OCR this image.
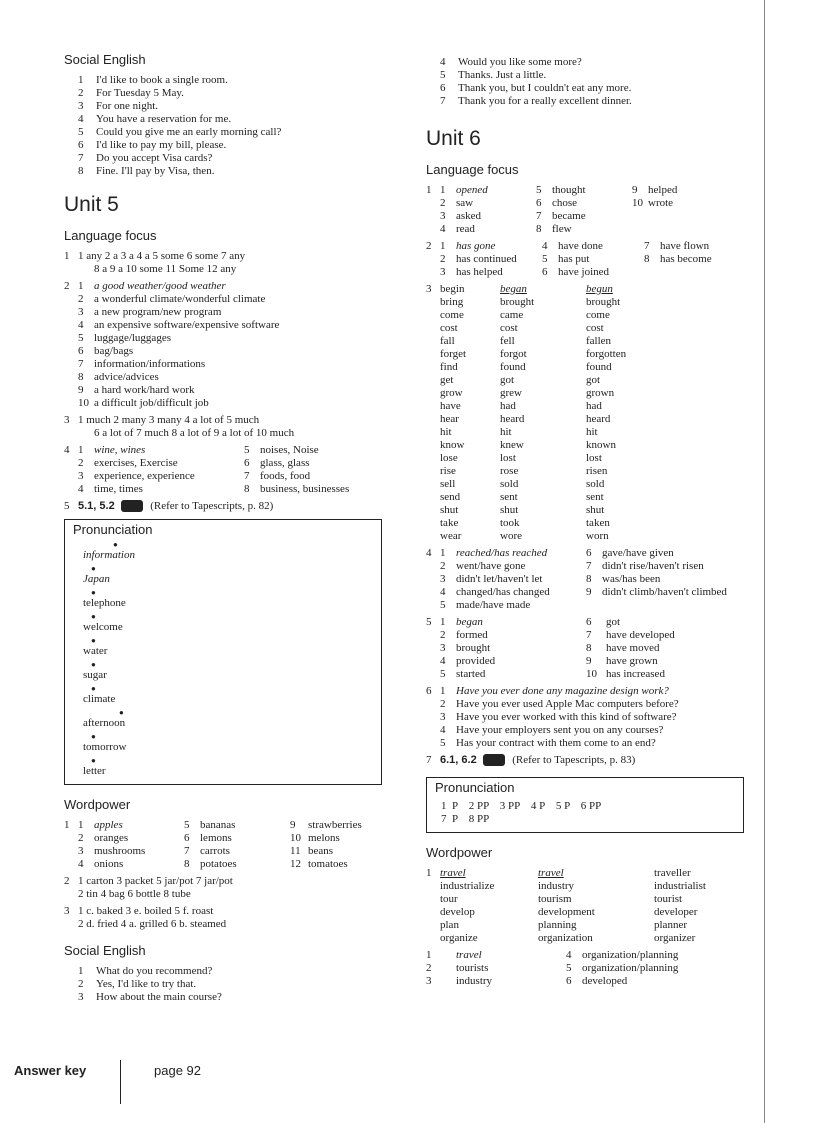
Social English
1	I'd like to book a single room.
2	For Tuesday 5 May.
3	For one night.
4	You have a reservation for me.
5	Could you give me an early morning call?
6	I'd like to pay my bill, please.
7	Do you accept Visa cards?
8	Fine. I'll pay by Visa, then.
Unit 5
Language focus
1 1 any 2 a 3 a 4 a 5 some 6 some 7 any
8 a 9 a 10 some 11 Some 12 any
2 1 a good weather/good weather
2 a wonderful climate/wonderful climate
3 a new program/new program
4 an expensive software/expensive software
5 luggage/luggages
6 bag/bags
7 information/informations
8 advice/advices
9 a hard work/hard work
10 a difficult job/difficult job
3 1 much 2 many 3 many 4 a lot of 5 much
6 a lot of 7 much 8 a lot of 9 a lot of 10 much
4 1 wine, wines	5 noises, Noise
2 exercises, Exercise	6 glass, glass
3 experience, experience	7 foods, food
4 time, times	8 business, businesses
5 5.1, 5.2	(Refer to Tapescripts, p. 82)
Pronunciation
●
information
●
Japan
●
telephone
●
welcome
●
water
●
sugar
●
climate
●
afternoon
●
tomorrow
●
letter
Wordpower
1 1 apples	5 bananas	9	strawberries
2 oranges	6 lemons	10 melons
3 mushrooms	7 carrots	11 beans
4 onions	8 potatoes	12 tomatoes
2 1 carton 3 packet 5 jar/pot 7 jar/pot
2 tin 4 bag 6 bottle 8 tube
3 1 c. baked 3 e. boiled 5 f. roast
2 d. fried 4 a. grilled 6 b. steamed
Social English
1	What do you recommend?
2	Yes, I'd like to try that.
3	How about the main course?
4	Would you like some more?
5	Thanks. Just a little.
6	Thank you, but I couldn't eat any more.
7	Thank you for a really excellent dinner.
Unit 6
Language focus
1 1 opened	5 thought	9 helped
2 saw	6 chose	10 wrote
3 asked	7 became
4 read	8 flew
2 1 has gone	4 have done	7 have flown
2 has continued	5 has put	8 has become
3 has helped	6 have joined
3 begin	began	begun
bring	brought	brought
come	came	come
cost	cost	cost
fall	fell	fallen
forget	forgot	forgotten
find	found	found
get	got	got
grow	grew	grown
have	had	had
hear	heard	heard
hit	hit	hit
know	knew	known
lose	lost	lost
rise	rose	risen
sell	sold	sold
send	sent	sent
shut	shut	shut
take	took	taken
wear	wore	worn
4 1 reached/has reached	6 gave/have given
2 went/have gone	7 didn't rise/haven't risen
3 didn't let/haven't let	8 was/has been
4 changed/has changed	9 didn't climb/haven't climbed
5 made/have made
5 1 began	6	got
2 formed	7	have developed
3 brought	8	have moved
4 provided	9	have grown
5 started	10 has increased
6 1 Have you ever done any magazine design work?
2 Have you ever used Apple Mac computers before?
3 Have you ever worked with this kind of software?
4 Have your employers sent you on any courses?
5 Has your contract with them come to an end?
7 6.1, 6.2	(Refer to Tapescripts, p. 83)
Pronunciation
1  P    2 PP    3 PP    4 P    5 P    6 PP
7  P    8 PP
Wordpower
1 travel	travel	traveller
industrialize	industry	industrialist
tour	tourism	tourist
develop	development	developer
plan	planning	planner
organize	organization	organizer
1	travel	4 organization/planning
2	tourists	5 organization/planning
3	industry	6 developed
Answer key	page 92
